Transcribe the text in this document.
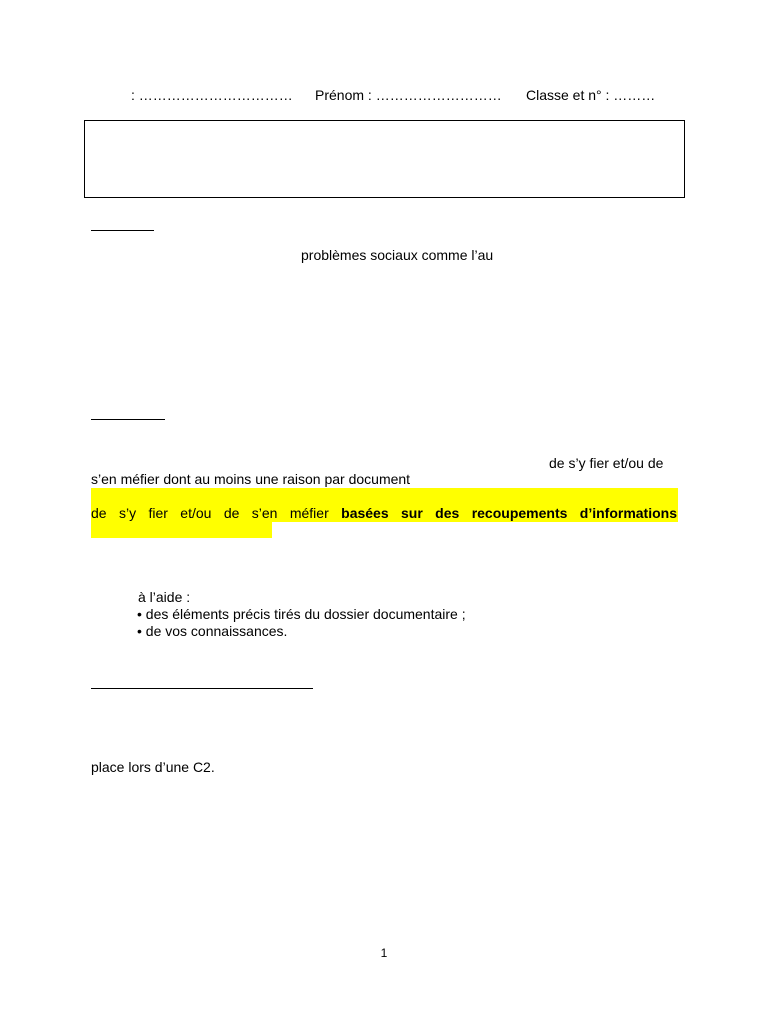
: …………………………… Prénom : ……………………… Classe et n° : ………
problèmes sociaux comme l’au
de s’y fier et/ou de
s’en méfier dont au moins une raison par document
de s’y fier et/ou de s’en méfier basées sur des recoupements d’informations
à l’aide :
• des éléments précis tirés du dossier documentaire ;
• de vos connaissances.
place lors d’une C2.
1
